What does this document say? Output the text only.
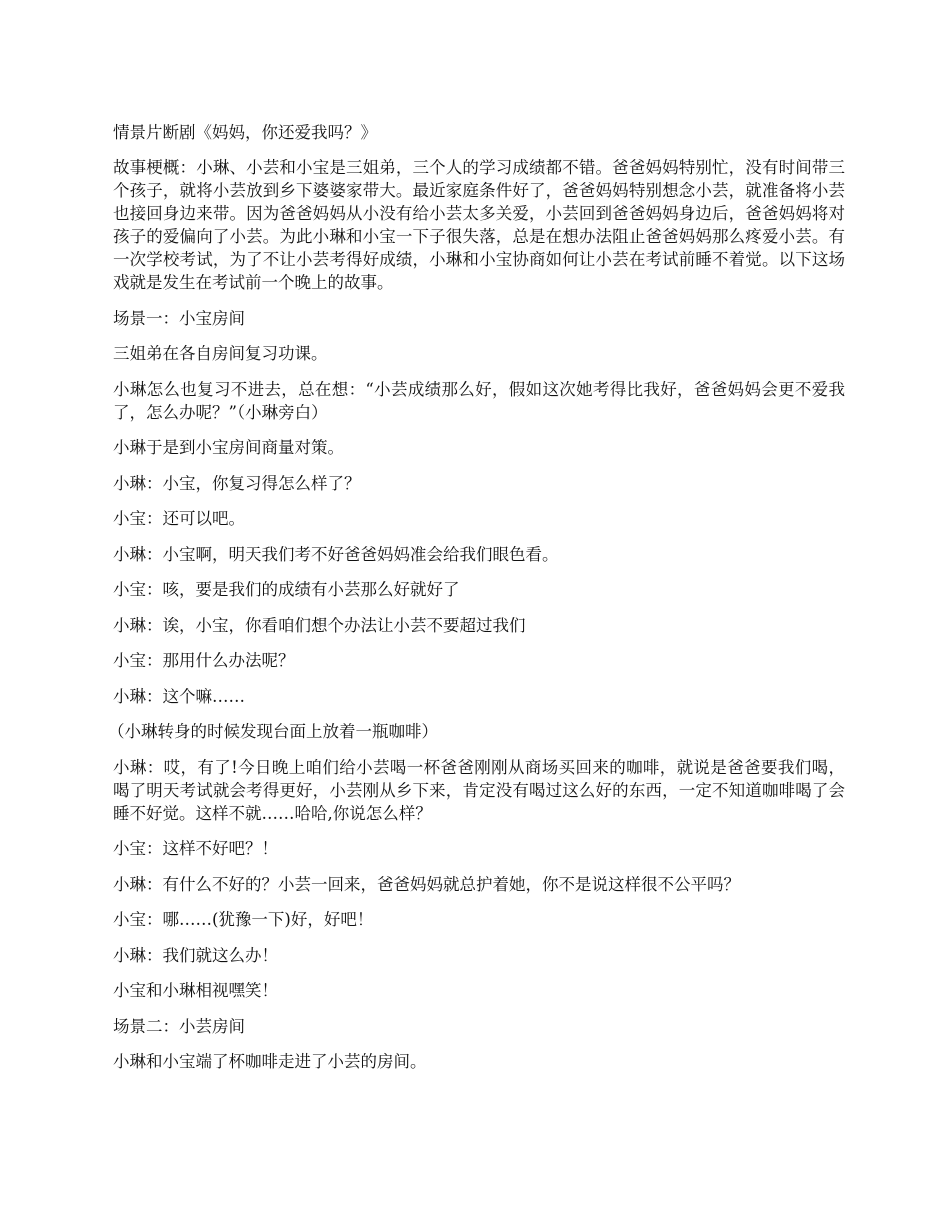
情景片断剧《妈妈，你还爱我吗？》

故事梗概：小琳、小芸和小宝是三姐弟，三个人的学习成绩都不错。爸爸妈妈特别忙，没有时间带三个孩子，就将小芸放到乡下婆婆家带大。最近家庭条件好了，爸爸妈妈特别想念小芸，就准备将小芸也接回身边来带。因为爸爸妈妈从小没有给小芸太多关爱，小芸回到爸爸妈妈身边后，爸爸妈妈将对孩子的爱偏向了小芸。为此小琳和小宝一下子很失落，总是在想办法阻止爸爸妈妈那么疼爱小芸。有一次学校考试，为了不让小芸考得好成绩，小琳和小宝协商如何让小芸在考试前睡不着觉。以下这场戏就是发生在考试前一个晚上的故事。

场景一：小宝房间

三姐弟在各自房间复习功课。

小琳怎么也复习不进去，总在想：“小芸成绩那么好，假如这次她考得比我好，爸爸妈妈会更不爱我了，怎么办呢？”（小琳旁白）

小琳于是到小宝房间商量对策。

小琳：小宝，你复习得怎么样了？

小宝：还可以吧。

小琳：小宝啊，明天我们考不好爸爸妈妈准会给我们眼色看。

小宝：咳，要是我们的成绩有小芸那么好就好了

小琳：诶，小宝，你看咱们想个办法让小芸不要超过我们

小宝：那用什么办法呢？

小琳：这个嘛……

（小琳转身的时候发现台面上放着一瓶咖啡）

小琳：哎，有了!今日晚上咱们给小芸喝一杯爸爸刚刚从商场买回来的咖啡，就说是爸爸要我们喝，喝了明天考试就会考得更好，小芸刚从乡下来，肯定没有喝过这么好的东西，一定不知道咖啡喝了会睡不好觉。这样不就……哈哈,你说怎么样？

小宝：这样不好吧？！

小琳：有什么不好的？小芸一回来，爸爸妈妈就总护着她，你不是说这样很不公平吗？

小宝：哪……(犹豫一下)好，好吧！

小琳：我们就这么办！

小宝和小琳相视嘿笑！

场景二：小芸房间

小琳和小宝端了杯咖啡走进了小芸的房间。
